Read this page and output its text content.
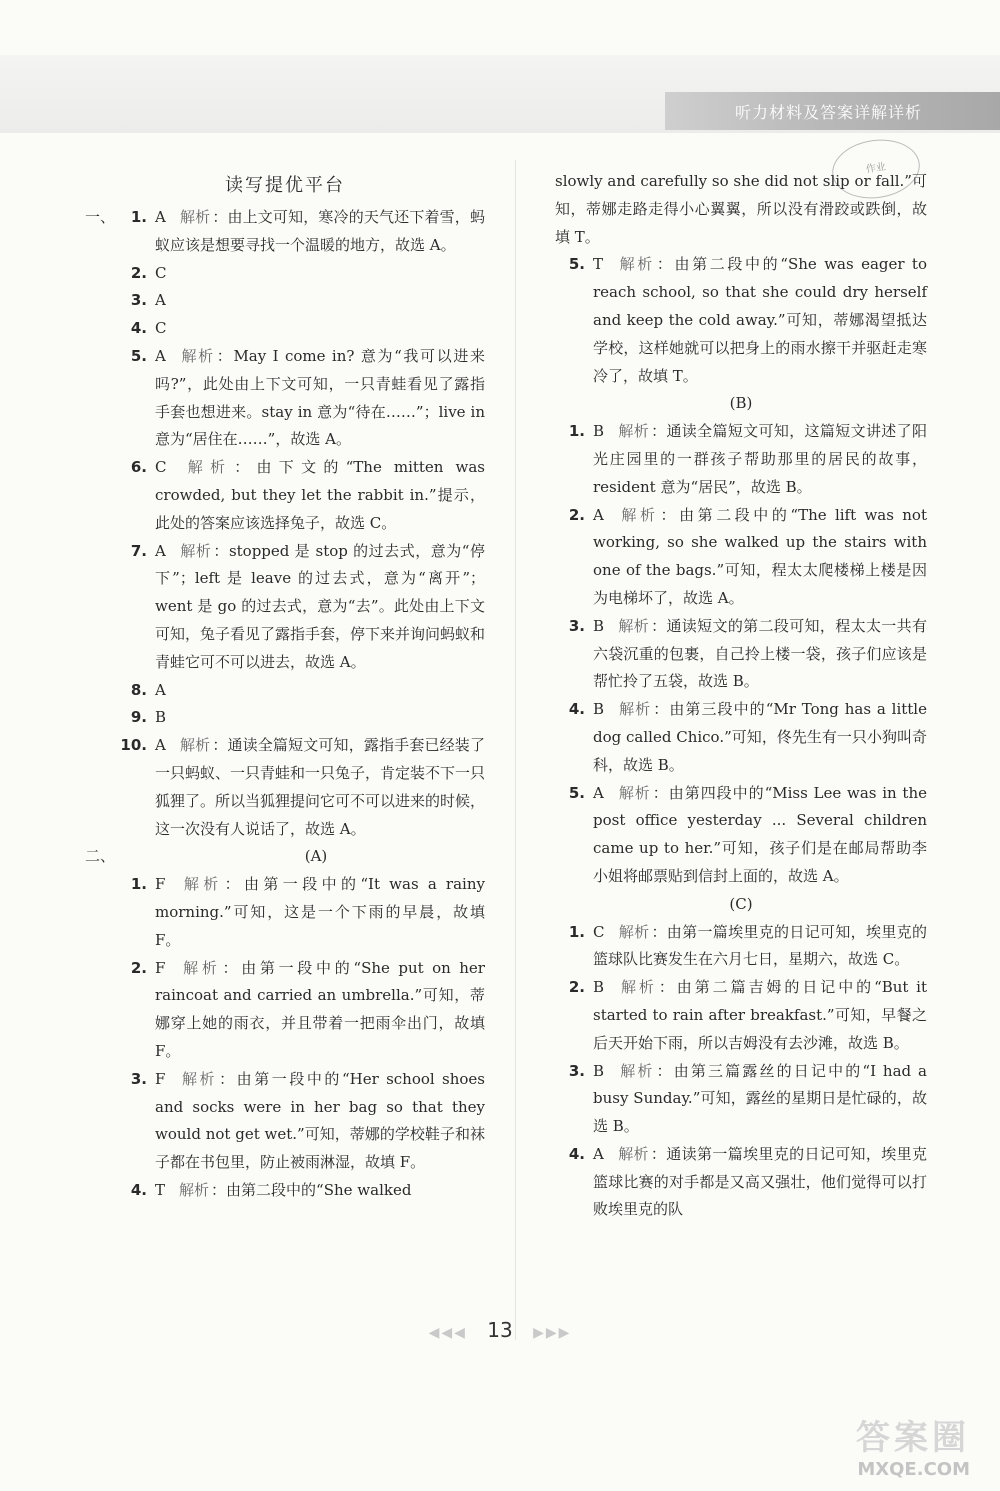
听力材料及答案详解详析
作业
读写提优平台
一、	1. A 解析 ：由上文可知，寒冷的天气还下着雪，蚂蚁应该是想要寻找一个温暖的地方，故选 A。
2. C
3. A
4. C
5. A 解析 ：May I come in? 意为“我可以进来吗?”，此处由上下文可知，一只青蛙看见了露指手套也想进来。stay in 意为“待在……”；live in 意为“居住在……”，故选 A。
6. C 解析 ：由下文的“The mitten was crowded, but they let the rabbit in.”提示，此处的答案应该选择兔子，故选 C。
7. A 解析 ：stopped 是 stop 的过去式，意为“停下”；left 是 leave 的过去式，意为“离开”；went 是 go 的过去式，意为“去”。此处由上下文可知，兔子看见了露指手套，停下来并询问蚂蚁和青蛙它可不可以进去，故选 A。
8. A
9. B
10. A 解析 ：通读全篇短文可知，露指手套已经装了一只蚂蚁、一只青蛙和一只兔子，肯定装不下一只狐狸了。所以当狐狸提问它可不可以进来的时候，这一次没有人说话了，故选 A。
二、	(A)
1. F 解析 ：由第一段中的“It was a rainy morning.”可知，这是一个下雨的早晨，故填 F。
2. F 解析 ：由第一段中的“She put on her raincoat and carried an umbrella.”可知，蒂娜穿上她的雨衣，并且带着一把雨伞出门，故填 F。
3. F 解析 ：由第一段中的“Her school shoes and socks were in her bag so that they would not get wet.”可知，蒂娜的学校鞋子和袜子都在书包里，防止被雨淋湿，故填 F。
4. T 解析 ：由第二段中的“She walked
slowly and carefully so she did not slip or fall.”可知，蒂娜走路走得小心翼翼，所以没有滑跤或跌倒，故填 T。
5. T 解析 ：由第二段中的“She was eager to reach school, so that she could dry herself and keep the cold away.”可知，蒂娜渴望抵达学校，这样她就可以把身上的雨水擦干并驱赶走寒冷了，故填 T。
(B)
1. B 解析 ：通读全篇短文可知，这篇短文讲述了阳光庄园里的一群孩子帮助那里的居民的故事，resident 意为“居民”，故选 B。
2. A 解析 ：由第二段中的“The lift was not working, so she walked up the stairs with one of the bags.”可知，程太太爬楼梯上楼是因为电梯坏了，故选 A。
3. B 解析 ：通读短文的第二段可知，程太太一共有六袋沉重的包裹，自己拎上楼一袋，孩子们应该是帮忙拎了五袋，故选 B。
4. B 解析 ：由第三段中的“Mr Tong has a little dog called Chico.”可知，佟先生有一只小狗叫奇科，故选 B。
5. A 解析 ：由第四段中的“Miss Lee was in the post office yesterday ... Several children came up to her.”可知，孩子们是在邮局帮助李小姐将邮票贴到信封上面的，故选 A。
(C)
1. C 解析 ：由第一篇埃里克的日记可知，埃里克的篮球队比赛发生在六月七日，星期六，故选 C。
2. B 解析 ：由第二篇吉姆的日记中的“But it started to rain after breakfast.”可知，早餐之后天开始下雨，所以吉姆没有去沙滩，故选 B。
3. B 解析 ：由第三篇露丝的日记中的“I had a busy Sunday.”可知，露丝的星期日是忙碌的，故选 B。
4. A 解析 ：通读第一篇埃里克的日记可知，埃里克篮球比赛的对手都是又高又强壮，他们觉得可以打败埃里克的队
◀◀◀ 13 ▶▶▶
答案圈
MXQE.COM
